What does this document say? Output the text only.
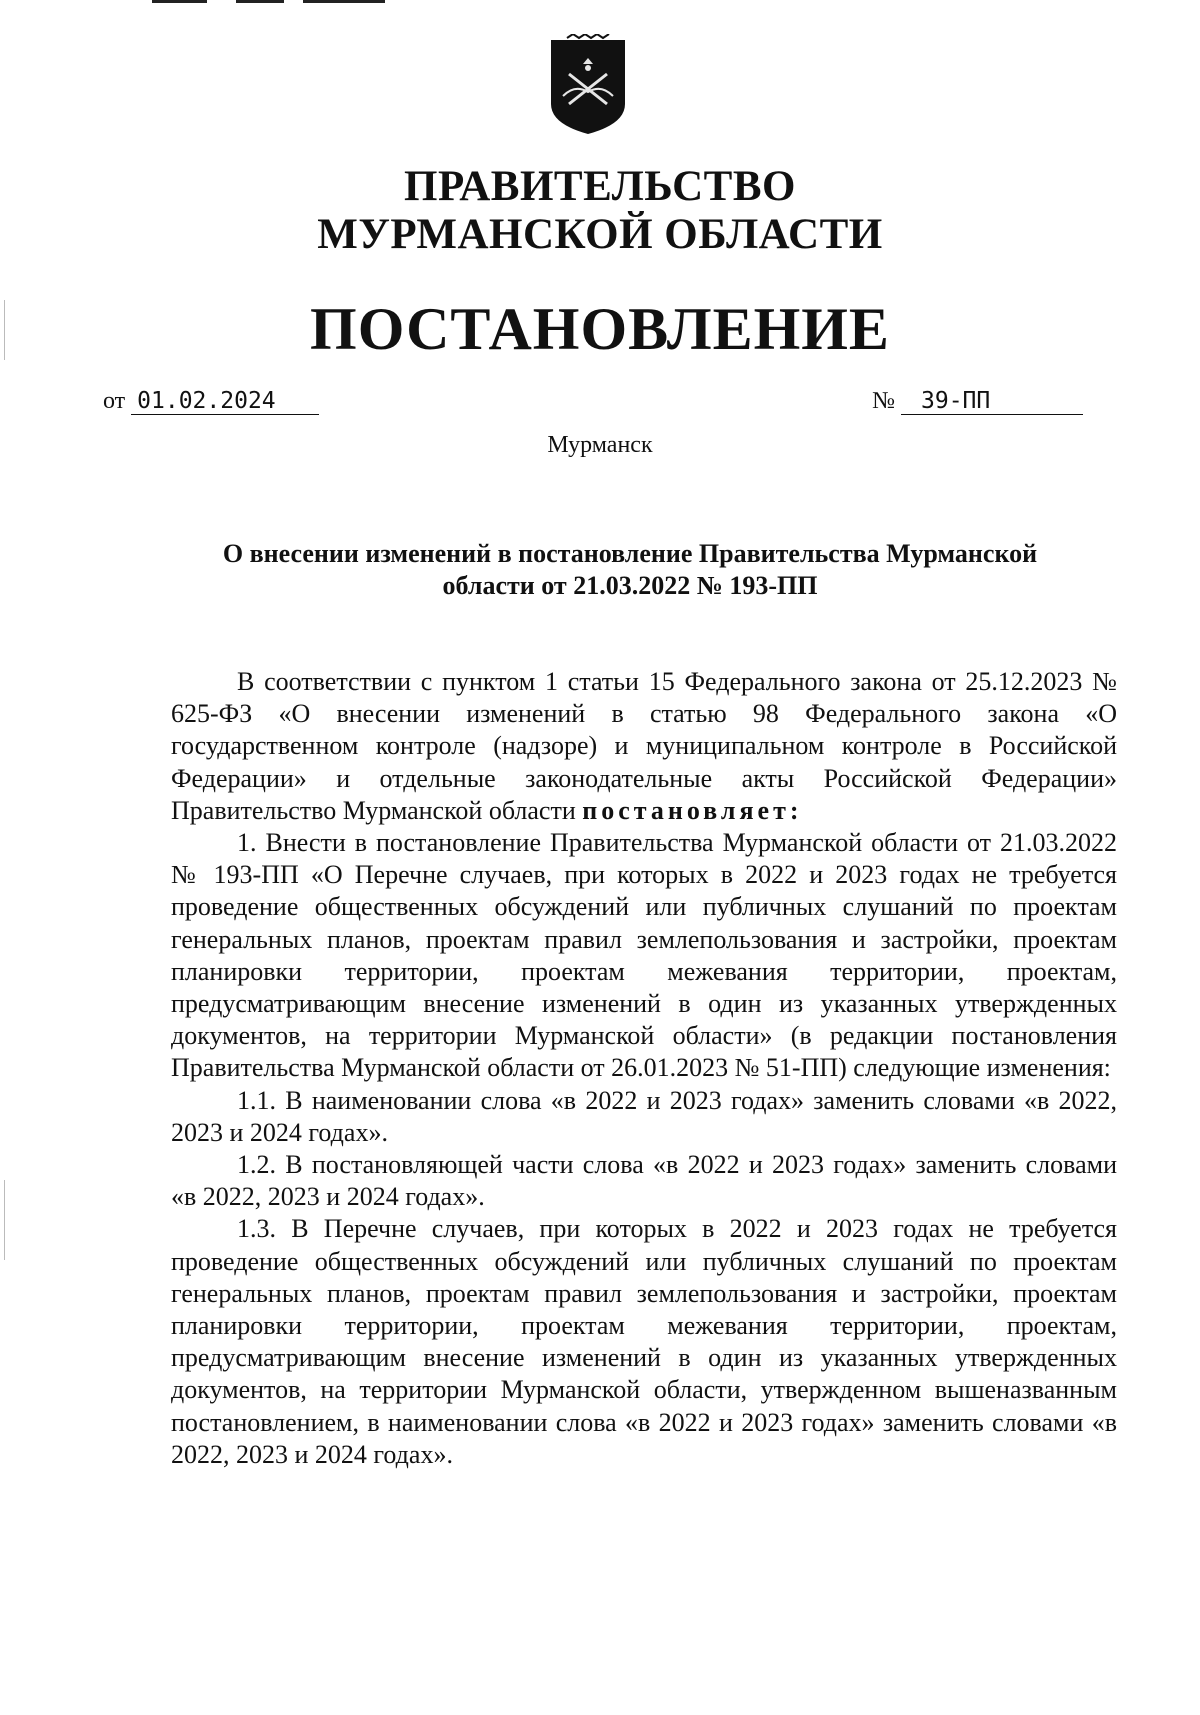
ПРАВИТЕЛЬСТВО
МУРМАНСКОЙ ОБЛАСТИ
ПОСТАНОВЛЕНИЕ
от 01.02.2024	№ 39-ПП
Мурманск
О внесении изменений в постановление Правительства Мурманской
области от 21.03.2022 № 193-ПП

В соответствии с пунктом 1 статьи 15 Федерального закона от 25.12.2023 № 625-ФЗ «О внесении изменений в статью 98 Федерального закона «О государственном контроле (надзоре) и муниципальном контроле в Российской Федерации» и отдельные законодательные акты Российской Федерации» Правительство Мурманской области постановляет:

1. Внести в постановление Правительства Мурманской области от 21.03.2022 № 193-ПП «О Перечне случаев, при которых в 2022 и 2023 годах не требуется проведение общественных обсуждений или публичных слушаний по проектам генеральных планов, проектам правил землепользования и застройки, проектам планировки территории, проектам межевания территории, проектам, предусматривающим внесение изменений в один из указанных утвержденных документов, на территории Мурманской области» (в редакции постановления Правительства Мурманской области от 26.01.2023 № 51-ПП) следующие изменения:

1.1. В наименовании слова «в 2022 и 2023 годах» заменить словами «в 2022, 2023 и 2024 годах».

1.2. В постановляющей части слова «в 2022 и 2023 годах» заменить словами «в 2022, 2023 и 2024 годах».

1.3. В Перечне случаев, при которых в 2022 и 2023 годах не требуется проведение общественных обсуждений или публичных слушаний по проектам генеральных планов, проектам правил землепользования и застройки, проектам планировки территории, проектам межевания территории, проектам, предусматривающим внесение изменений в один из указанных утвержденных документов, на территории Мурманской области, утвержденном вышеназванным постановлением, в наименовании слова «в 2022 и 2023 годах» заменить словами «в 2022, 2023 и 2024 годах».
